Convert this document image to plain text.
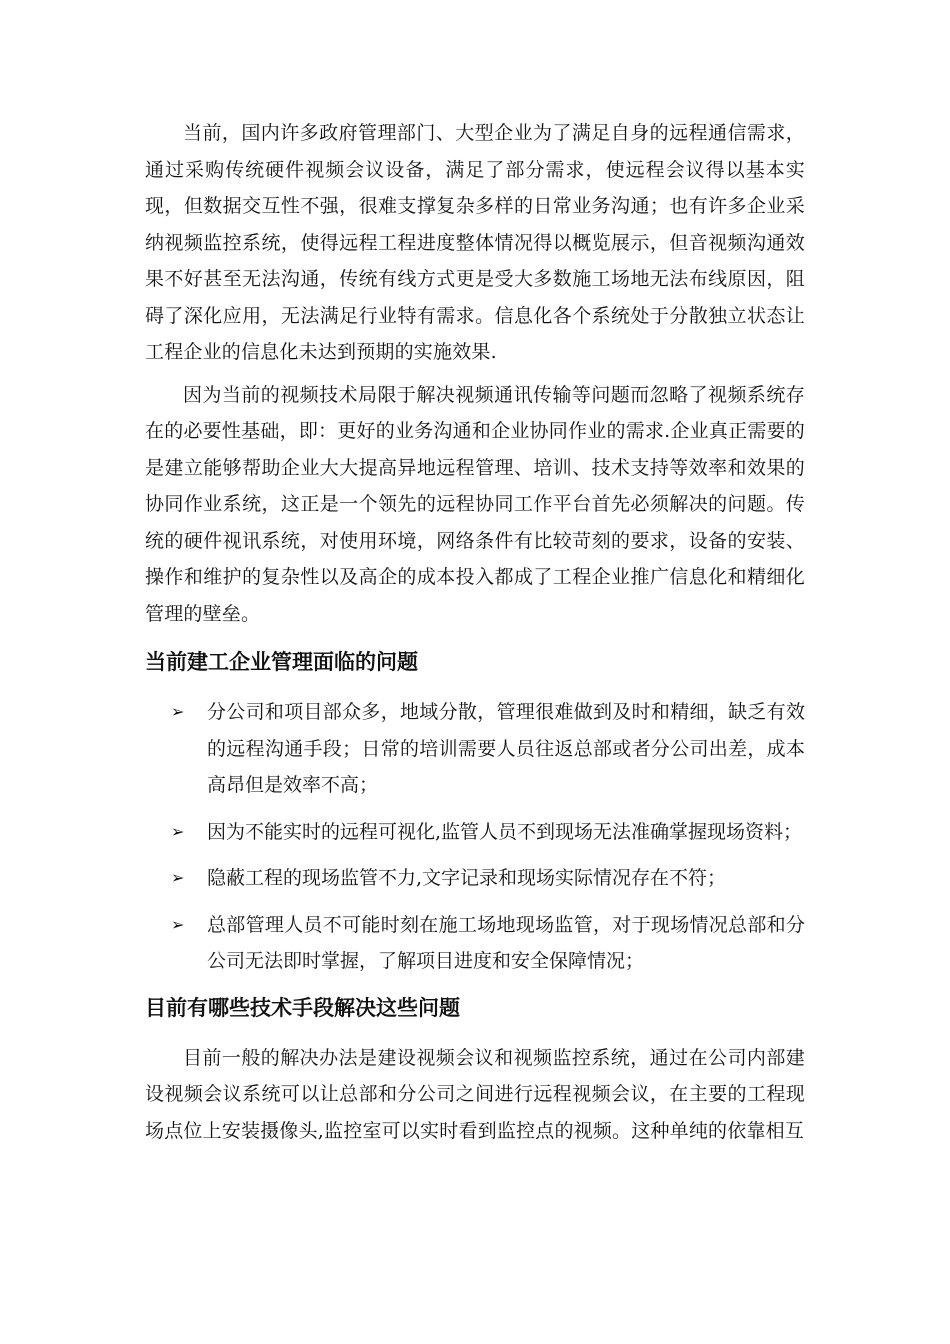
当前，国内许多政府管理部门、大型企业为了满足自身的远程通信需求，通过采购传统硬件视频会议设备，满足了部分需求，使远程会议得以基本实现，但数据交互性不强，很难支撑复杂多样的日常业务沟通；也有许多企业采纳视频监控系统，使得远程工程进度整体情况得以概览展示，但音视频沟通效果不好甚至无法沟通，传统有线方式更是受大多数施工场地无法布线原因，阻碍了深化应用，无法满足行业特有需求。信息化各个系统处于分散独立状态让工程企业的信息化未达到预期的实施效果.

因为当前的视频技术局限于解决视频通讯传输等问题而忽略了视频系统存在的必要性基础，即：更好的业务沟通和企业协同作业的需求.企业真正需要的是建立能够帮助企业大大提高异地远程管理、培训、技术支持等效率和效果的协同作业系统，这正是一个领先的远程协同工作平台首先必须解决的问题。传统的硬件视讯系统，对使用环境，网络条件有比较苛刻的要求，设备的安装、操作和维护的复杂性以及高企的成本投入都成了工程企业推广信息化和精细化管理的壁垒。

当前建工企业管理面临的问题
➢ 分公司和项目部众多，地域分散，管理很难做到及时和精细，缺乏有效的远程沟通手段；日常的培训需要人员往返总部或者分公司出差，成本高昂但是效率不高；
➢ 因为不能实时的远程可视化,监管人员不到现场无法准确掌握现场资料；
➢ 隐蔽工程的现场监管不力,文字记录和现场实际情况存在不符；
➢ 总部管理人员不可能时刻在施工场地现场监管，对于现场情况总部和分公司无法即时掌握，了解项目进度和安全保障情况；
目前有哪些技术手段解决这些问题

目前一般的解决办法是建设视频会议和视频监控系统，通过在公司内部建设视频会议系统可以让总部和分公司之间进行远程视频会议，在主要的工程现场点位上安装摄像头,监控室可以实时看到监控点的视频。这种单纯的依靠相互
